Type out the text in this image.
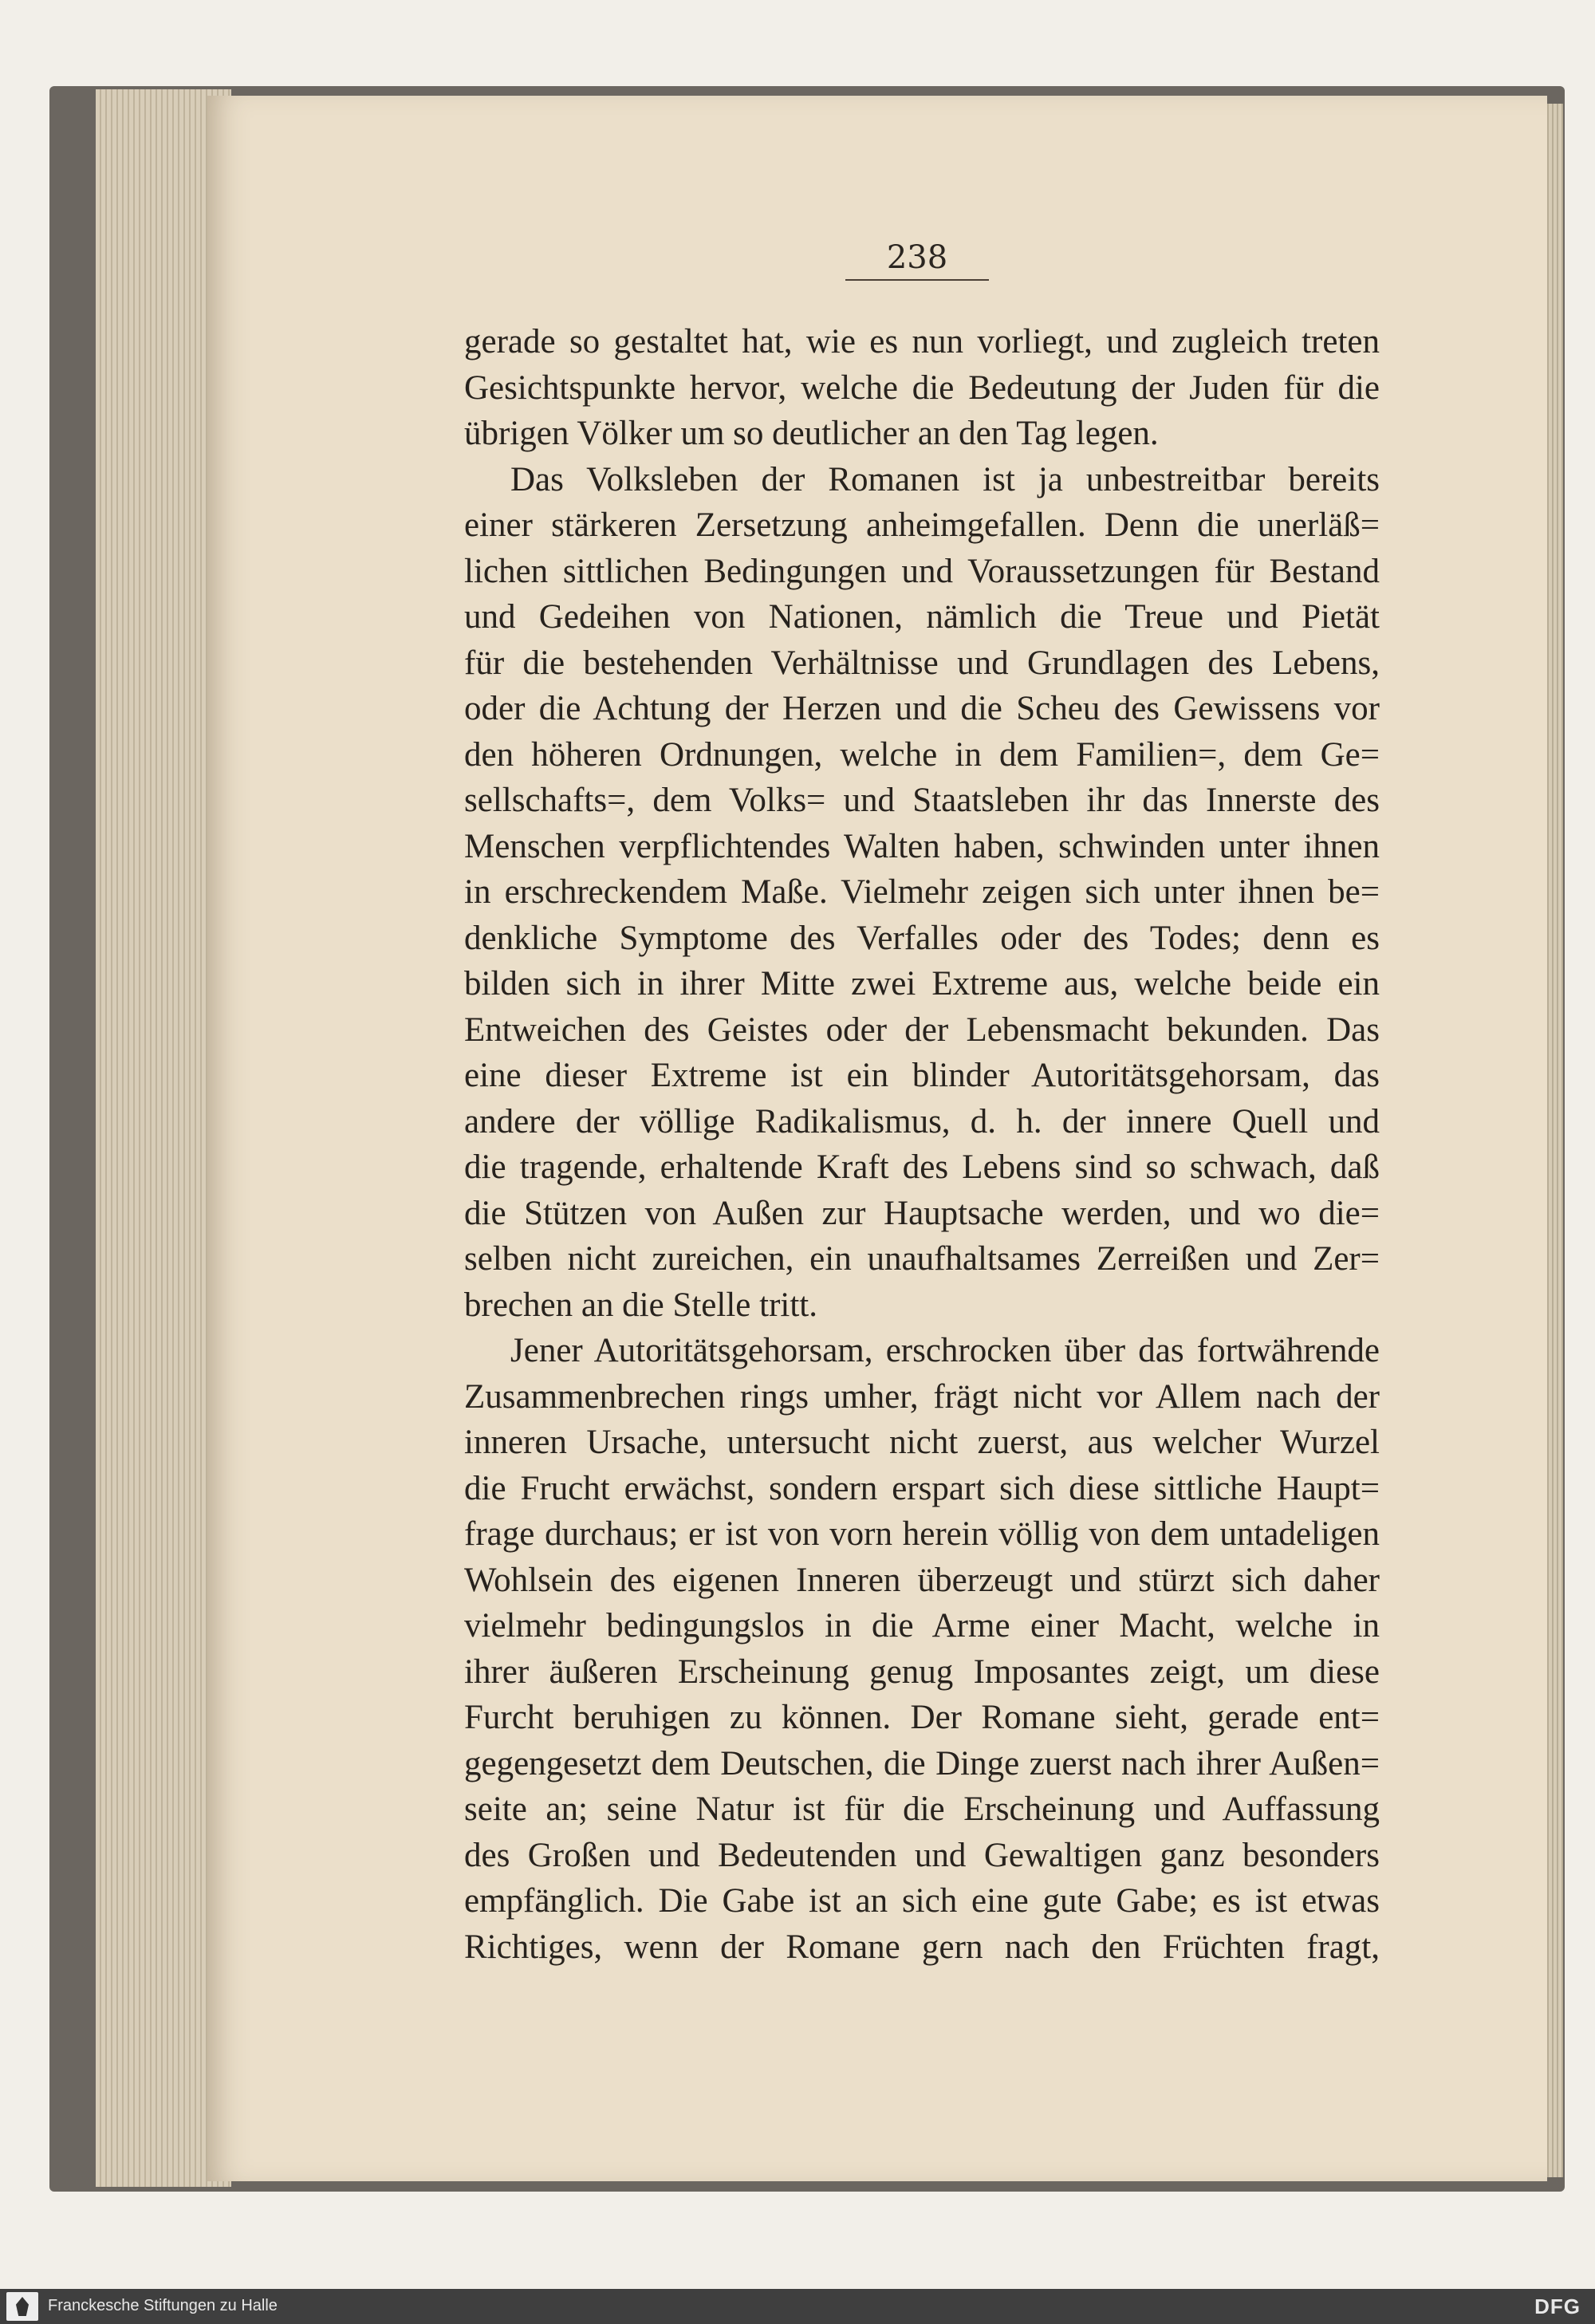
238
gerade so gestaltet hat, wie es nun vorliegt, und zugleich treten
Gesichtspunkte hervor, welche die Bedeutung der Juden für die
übrigen Völker um so deutlicher an den Tag legen.
Das Volksleben der Romanen ist ja unbestreitbar bereits
einer stärkeren Zersetzung anheimgefallen. Denn die unerläß=
lichen sittlichen Bedingungen und Voraussetzungen für Bestand
und Gedeihen von Nationen, nämlich die Treue und Pietät
für die bestehenden Verhältnisse und Grundlagen des Lebens,
oder die Achtung der Herzen und die Scheu des Gewissens vor
den höheren Ordnungen, welche in dem Familien=, dem Ge=
sellschafts=, dem Volks= und Staatsleben ihr das Innerste des
Menschen verpflichtendes Walten haben, schwinden unter ihnen
in erschreckendem Maße. Vielmehr zeigen sich unter ihnen be=
denkliche Symptome des Verfalles oder des Todes; denn es
bilden sich in ihrer Mitte zwei Extreme aus, welche beide ein
Entweichen des Geistes oder der Lebensmacht bekunden. Das
eine dieser Extreme ist ein blinder Autoritätsgehorsam, das
andere der völlige Radikalismus, d. h. der innere Quell und
die tragende, erhaltende Kraft des Lebens sind so schwach, daß
die Stützen von Außen zur Hauptsache werden, und wo die=
selben nicht zureichen, ein unaufhaltsames Zerreißen und Zer=
brechen an die Stelle tritt.
Jener Autoritätsgehorsam, erschrocken über das fortwährende
Zusammenbrechen rings umher, frägt nicht vor Allem nach der
inneren Ursache, untersucht nicht zuerst, aus welcher Wurzel
die Frucht erwächst, sondern erspart sich diese sittliche Haupt=
frage durchaus; er ist von vorn herein völlig von dem untadeligen
Wohlsein des eigenen Inneren überzeugt und stürzt sich daher
vielmehr bedingungslos in die Arme einer Macht, welche in
ihrer äußeren Erscheinung genug Imposantes zeigt, um diese
Furcht beruhigen zu können. Der Romane sieht, gerade ent=
gegengesetzt dem Deutschen, die Dinge zuerst nach ihrer Außen=
seite an; seine Natur ist für die Erscheinung und Auffassung
des Großen und Bedeutenden und Gewaltigen ganz besonders
empfänglich. Die Gabe ist an sich eine gute Gabe; es ist etwas
Richtiges, wenn der Romane gern nach den Früchten fragt,
Franckesche Stiftungen zu Halle	DFG
